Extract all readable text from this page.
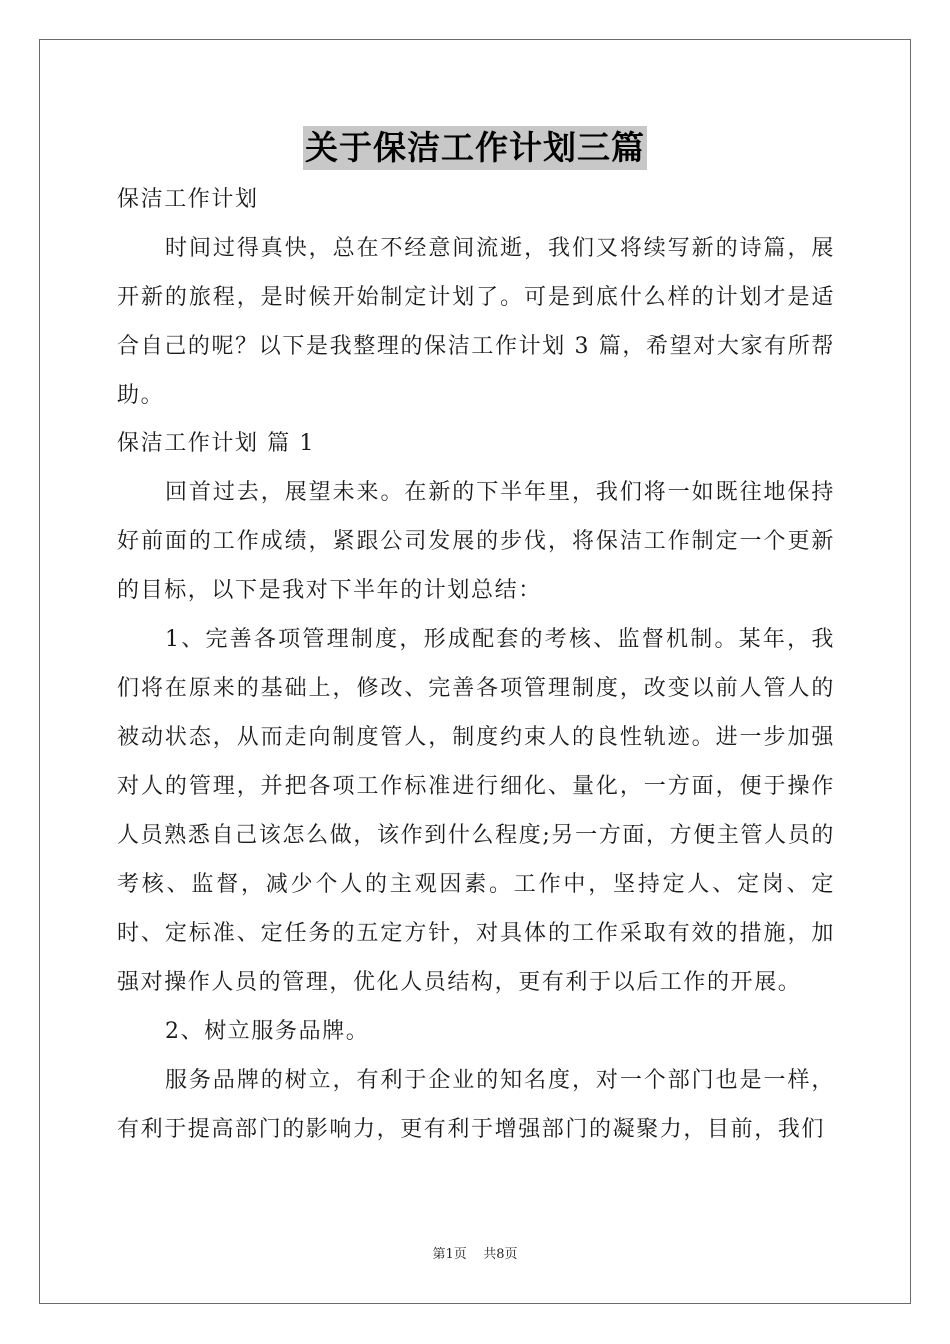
关于保洁工作计划三篇

保洁工作计划

时间过得真快，总在不经意间流逝，我们又将续写新的诗篇，展开新的旅程，是时候开始制定计划了。可是到底什么样的计划才是适合自己的呢？以下是我整理的保洁工作计划 3 篇，希望对大家有所帮助。

保洁工作计划 篇 1

回首过去，展望未来。在新的下半年里，我们将一如既往地保持好前面的工作成绩，紧跟公司发展的步伐，将保洁工作制定一个更新的目标，以下是我对下半年的计划总结：

1、完善各项管理制度，形成配套的考核、监督机制。某年，我们将在原来的基础上，修改、完善各项管理制度，改变以前人管人的被动状态，从而走向制度管人，制度约束人的良性轨迹。进一步加强对人的管理，并把各项工作标准进行细化、量化，一方面，便于操作人员熟悉自己该怎么做，该作到什么程度;另一方面，方便主管人员的考核、监督，减少个人的主观因素。工作中，坚持定人、定岗、定时、定标准、定任务的五定方针，对具体的工作采取有效的措施，加强对操作人员的管理，优化人员结构，更有利于以后工作的开展。

2、树立服务品牌。

服务品牌的树立，有利于企业的知名度，对一个部门也是一样，有利于提高部门的影响力，更有利于增强部门的凝聚力，目前，我们

第1页 共8页
